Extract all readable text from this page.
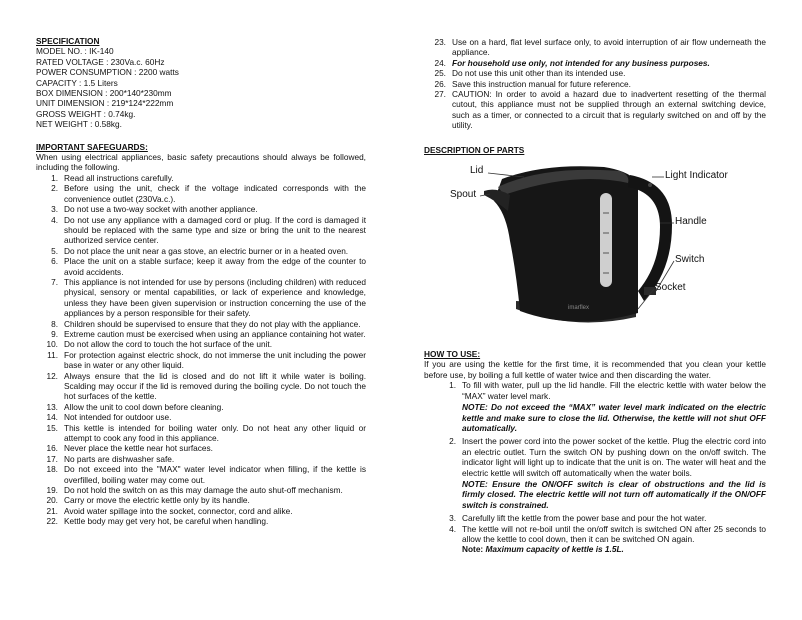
SPECIFICATION

MODEL NO. : IK-140

RATED VOLTAGE : 230Va.c. 60Hz

POWER CONSUMPTION : 2200 watts

CAPACITY : 1.5 Liters

BOX DIMENSION : 200*140*230mm

UNIT DIMENSION : 219*124*222mm

GROSS WEIGHT : 0.74kg.

NET WEIGHT : 0.58kg.

IMPORTANT SAFEGUARDS:

When using electrical appliances, basic safety precautions should always be followed, including the following.

1. Read all instructions carefully.
2. Before using the unit, check if the voltage indicated corresponds with the convenience outlet (230Va.c.).
3. Do not use a two-way socket with another appliance.
4. Do not use any appliance with a damaged cord or plug. If the cord is damaged it should be replaced with the same type and size or bring the unit to the nearest authorized service center.
5. Do not place the unit near a gas stove, an electric burner or in a heated oven.
6. Place the unit on a stable surface; keep it away from the edge of the counter to avoid accidents.
7. This appliance is not intended for use by persons (including children) with reduced physical, sensory or mental capabilities, or lack of experience and knowledge, unless they have been given supervision or instruction concerning the use of the appliances by a person responsible for their safety.
8. Children should be supervised to ensure that they do not play with the appliance.
9. Extreme caution must be exercised when using an appliance containing hot water.
10. Do not allow the cord to touch the hot surface of the unit.
11. For protection against electric shock, do not immerse the unit including the power base in water or any other liquid.
12. Always ensure that the lid is closed and do not lift it while water is boiling. Scalding may occur if the lid is removed during the boiling cycle. Do not touch the hot surfaces of the kettle.
13. Allow the unit to cool down before cleaning.
14. Not intended for outdoor use.
15. This kettle is intended for boiling water only. Do not heat any other liquid or attempt to cook any food in this appliance.
16. Never place the kettle near hot surfaces.
17. No parts are dishwasher safe.
18. Do not exceed into the "MAX" water level indicator when filling, if the kettle is overfilled, boiling water may come out.
19. Do not hold the switch on as this may damage the auto shut-off mechanism.
20. Carry or move the electric kettle only by its handle.
21. Avoid water spillage into the socket, connector, cord and alike.
22. Kettle body may get very hot, be careful when handling.
23. Use on a hard, flat level surface only, to avoid interruption of air flow underneath the appliance.
24. For household use only, not intended for any business purposes.
25. Do not use this unit other than its intended use.
26. Save this instruction manual for future reference.
27. CAUTION: In order to avoid a hazard due to inadvertent resetting of the thermal cutout, this appliance must not be supplied through an external switching device, such as a timer, or connected to a circuit that is regularly switched on and off by the utility.

DESCRIPTION OF PARTS

imarflex
Lid
Spout
Light Indicator
Handle
Switch
Socket

HOW TO USE:

If you are using the kettle for the first time, it is recommended that you clean your kettle before use, by boiling a full kettle of water twice and then discarding the water.

1. To fill with water, pull up the lid handle. Fill the electric kettle with water below the “MAX” water level mark.
NOTE: Do not exceed the “MAX” water level mark indicated on the electric kettle and make sure to close the lid. Otherwise, the kettle will not shut OFF automatically.
2. Insert the power cord into the power socket of the kettle. Plug the electric cord into an electric outlet. Turn the switch ON by pushing down on the on/off switch. The indicator light will light up to indicate that the unit is on. The water will heat and the electric kettle will switch off automatically when the water boils.
NOTE: Ensure the ON/OFF switch is clear of obstructions and the lid is firmly closed. The electric kettle will not turn off automatically if the ON/OFF switch is constrained.
3. Carefully lift the kettle from the power base and pour the hot water.
4. The kettle will not re-boil until the on/off switch is switched ON after 25 seconds to allow the kettle to cool down, then it can be switched ON again.
Note: Maximum capacity of kettle is 1.5L.
